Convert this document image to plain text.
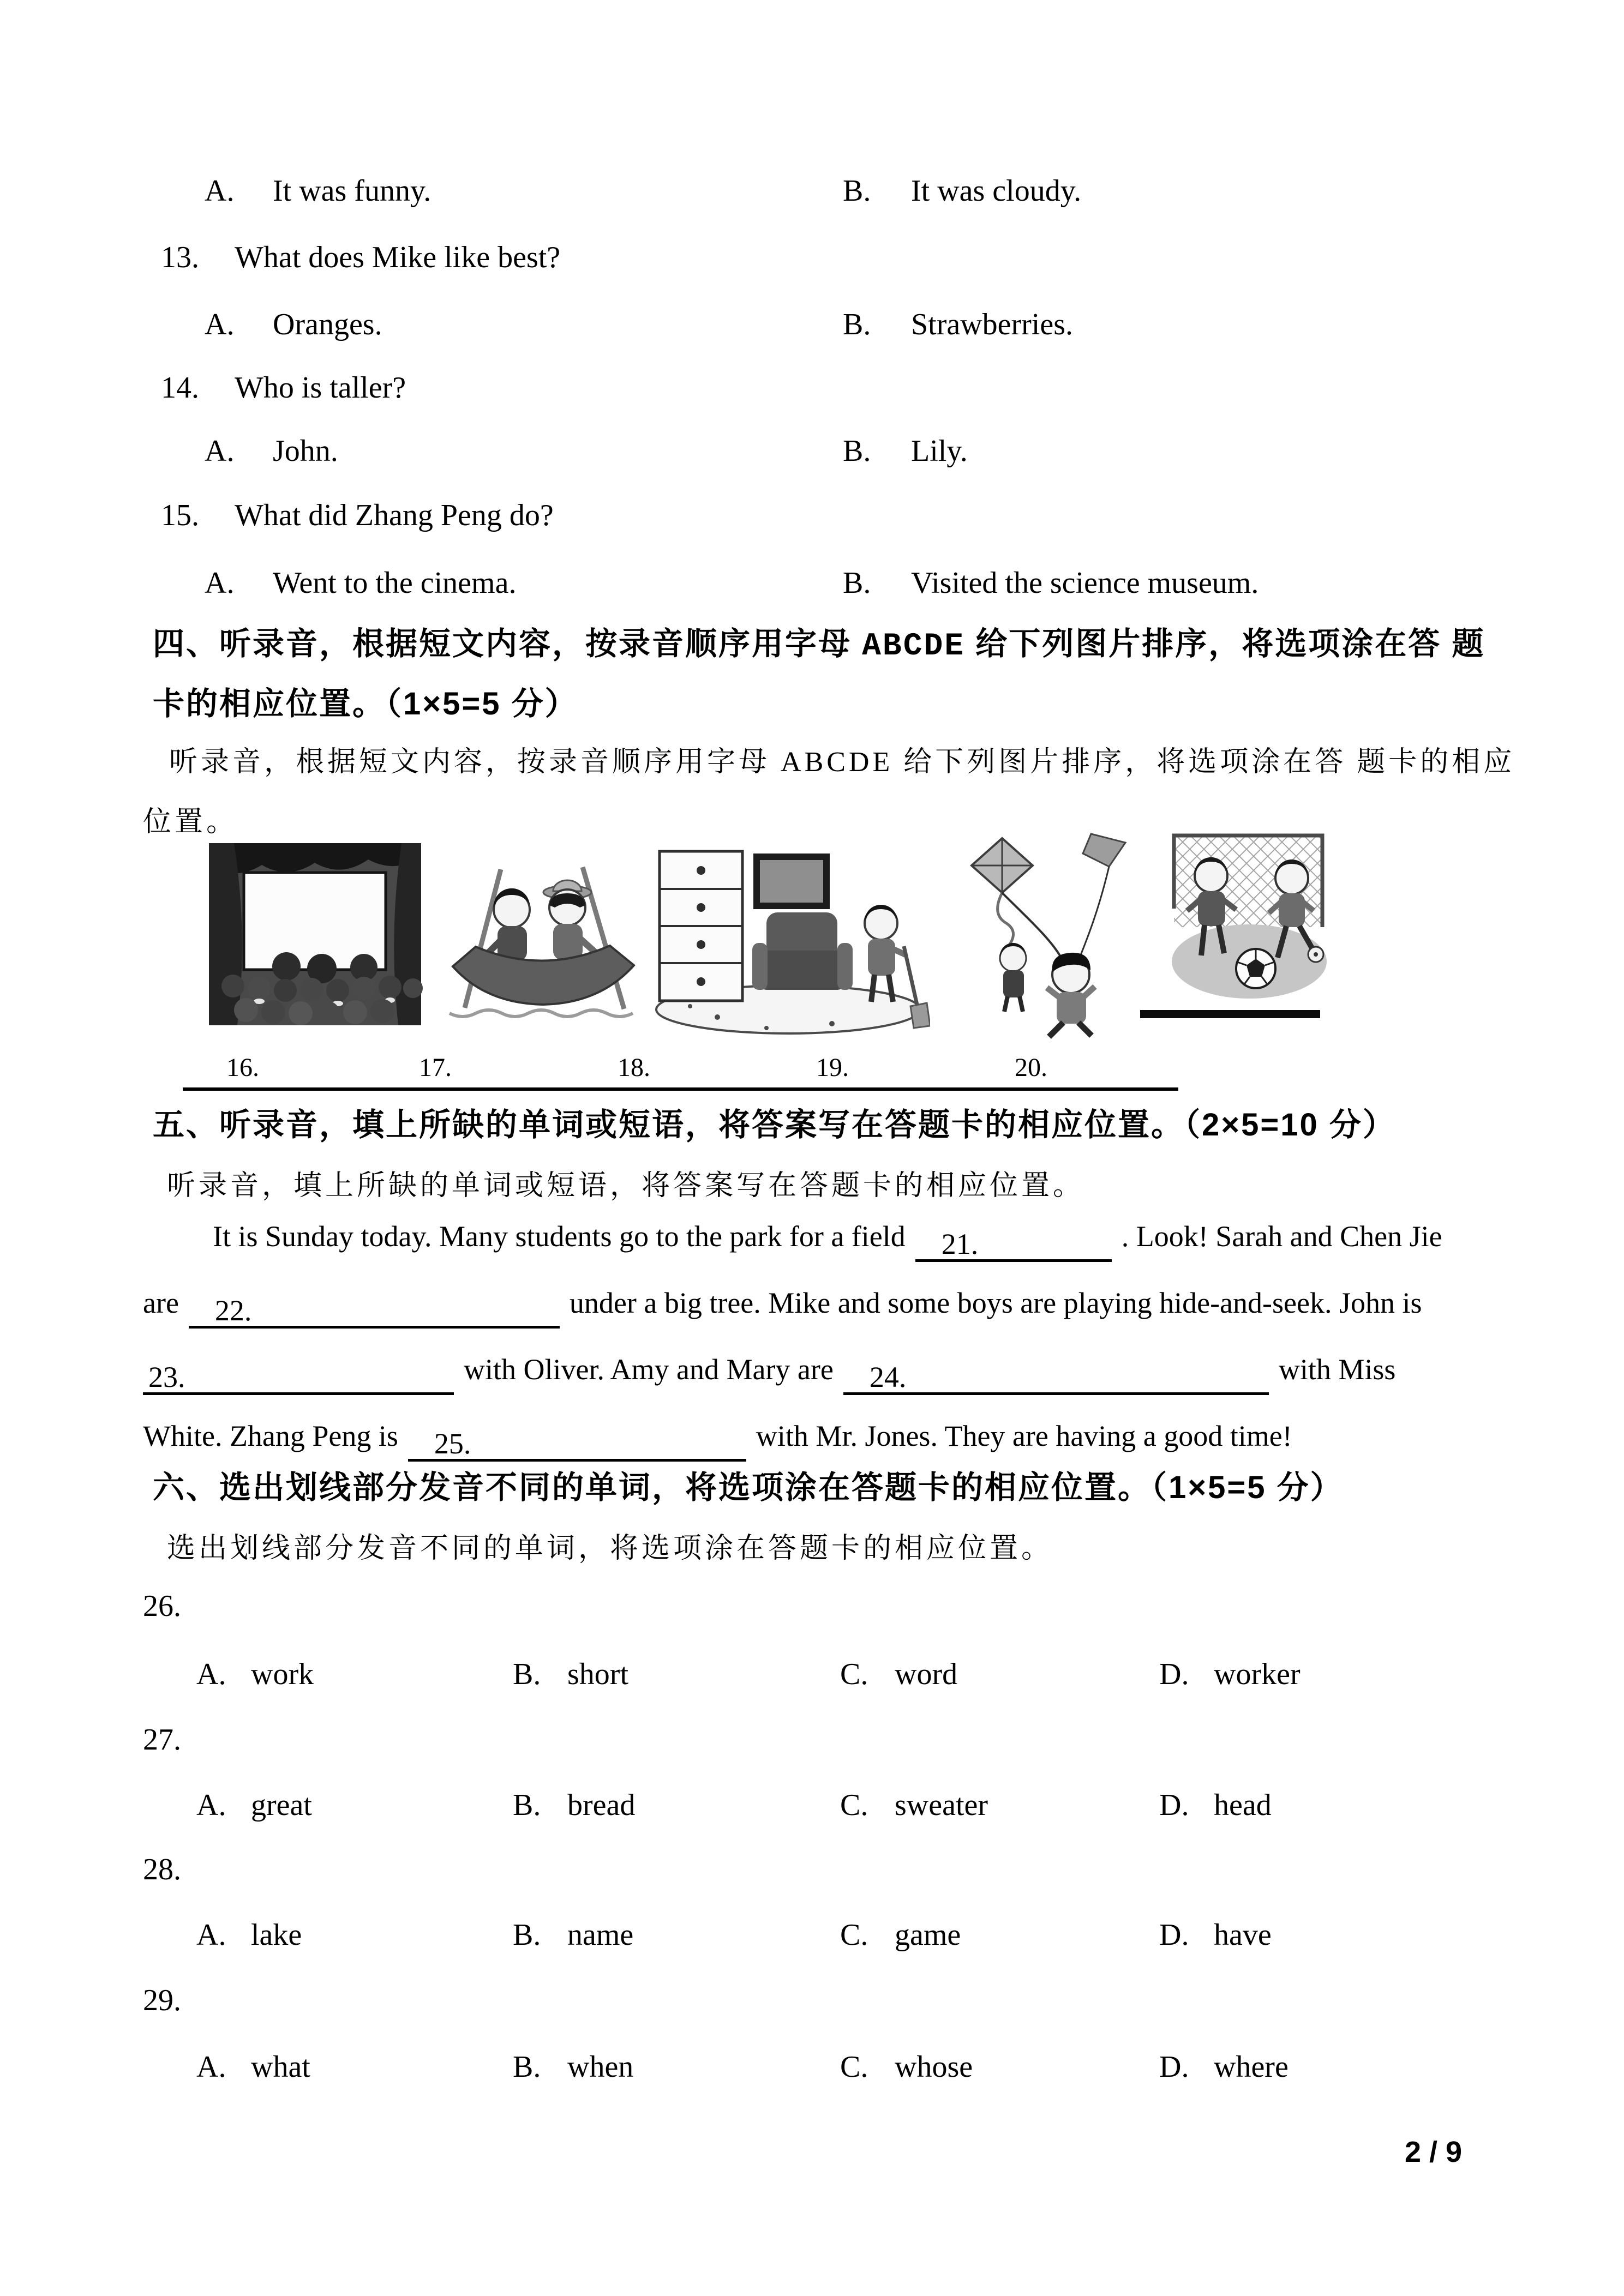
A. It was funny.	B. It was cloudy.
13. What does Mike like best?
A. Oranges.	B. Strawberries.
14. Who is taller?
A. John.	B. Lily.
15. What did Zhang Peng do?
A. Went to the cinema.	B. Visited the science museum.
四、听录音，根据短文内容，按录音顺序用字母 ABCDE 给下列图片排序，将选项涂在答 题
卡的相应位置。（1×5=5 分）
听录音，根据短文内容，按录音顺序用字母 ABCDE 给下列图片排序，将选项涂在答 题卡的相应
位置。
16.	17.	18.	19.	20.
五、听录音，填上所缺的单词或短语，将答案写在答题卡的相应位置。（2×5=10 分）
听录音，填上所缺的单词或短语，将答案写在答题卡的相应位置。
It is Sunday today. Many students go to the park for a field 21.	. Look! Sarah and Chen Jie
are 22.	under a big tree. Mike and some boys are playing hide-and-seek. John is
23.	with Oliver. Amy and Mary are 24.	with Miss
White. Zhang Peng is 25.	with Mr. Jones. They are having a good time!
六、选出划线部分发音不同的单词，将选项涂在答题卡的相应位置。（1×5=5 分）
选出划线部分发音不同的单词，将选项涂在答题卡的相应位置。
26.
A. work	B. short	C. word	D. worker
27.
A. great	B. bread	C. sweater	D. head
28.
A. lake	B. name	C. game	D. have
29.
A. what	B. when	C. whose	D. where
2 / 9
